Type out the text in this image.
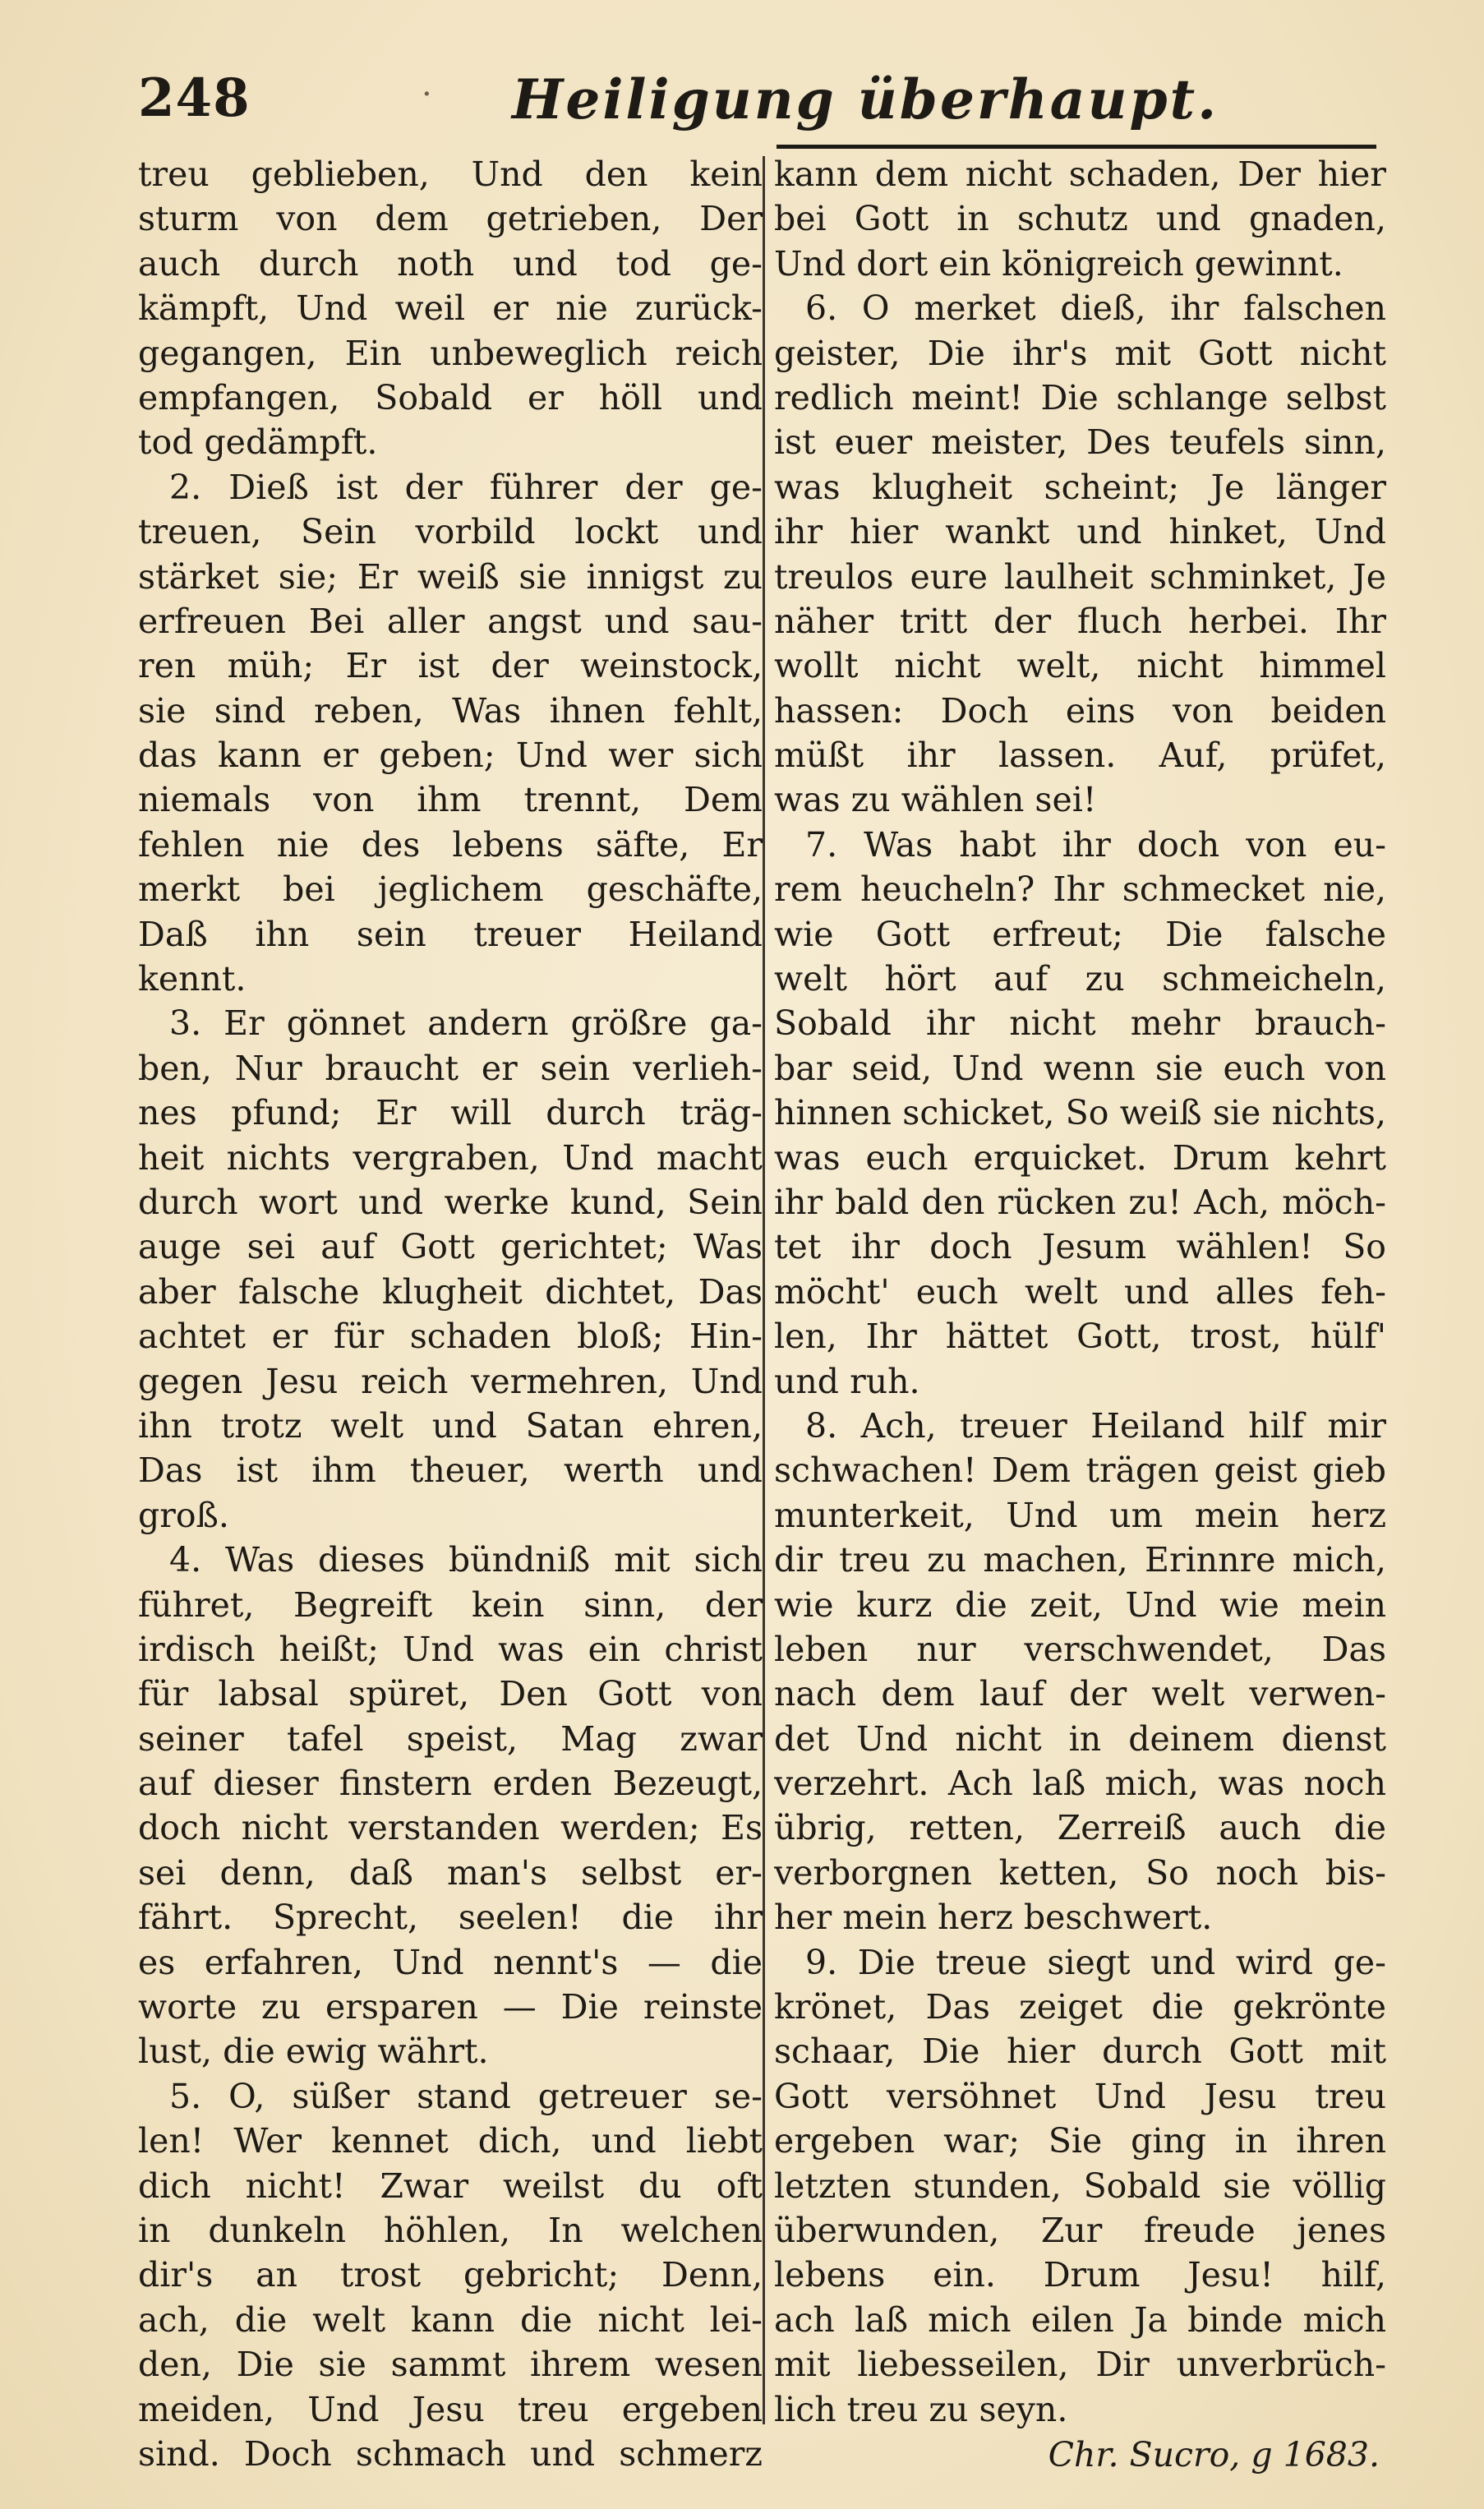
248	· Heiligung überhaupt.
treu geblieben, Und den kein
sturm von dem getrieben, Der
auch durch noth und tod ge-
kämpft, Und weil er nie zurück-
gegangen, Ein unbeweglich reich
empfangen, Sobald er höll und
tod gedämpft.
2. Dieß ist der führer der ge-
treuen, Sein vorbild lockt und
stärket sie; Er weiß sie innigst zu
erfreuen Bei aller angst und sau-
ren müh; Er ist der weinstock,
sie sind reben, Was ihnen fehlt,
das kann er geben; Und wer sich
niemals von ihm trennt, Dem
fehlen nie des lebens säfte, Er
merkt bei jeglichem geschäfte,
Daß ihn sein treuer Heiland
kennt.
3. Er gönnet andern größre ga-
ben, Nur braucht er sein verlieh-
nes pfund; Er will durch träg-
heit nichts vergraben, Und macht
durch wort und werke kund, Sein
auge sei auf Gott gerichtet; Was
aber falsche klugheit dichtet, Das
achtet er für schaden bloß; Hin-
gegen Jesu reich vermehren, Und
ihn trotz welt und Satan ehren,
Das ist ihm theuer, werth und
groß.
4. Was dieses bündniß mit sich
führet, Begreift kein sinn, der
irdisch heißt; Und was ein christ
für labsal spüret, Den Gott von
seiner tafel speist, Mag zwar
auf dieser finstern erden Bezeugt,
doch nicht verstanden werden; Es
sei denn, daß man's selbst er-
fährt. Sprecht, seelen! die ihr
es erfahren, Und nennt's — die
worte zu ersparen — Die reinste
lust, die ewig währt.
5. O, süßer stand getreuer se-
len! Wer kennet dich, und liebt
dich nicht! Zwar weilst du oft
in dunkeln höhlen, In welchen
dir's an trost gebricht; Denn,
ach, die welt kann die nicht lei-
den, Die sie sammt ihrem wesen
meiden, Und Jesu treu ergeben
sind. Doch schmach und schmerz
kann dem nicht schaden, Der hier
bei Gott in schutz und gnaden,
Und dort ein königreich gewinnt.
6. O merket dieß, ihr falschen
geister, Die ihr's mit Gott nicht
redlich meint! Die schlange selbst
ist euer meister, Des teufels sinn,
was klugheit scheint; Je länger
ihr hier wankt und hinket, Und
treulos eure laulheit schminket, Je
näher tritt der fluch herbei. Ihr
wollt nicht welt, nicht himmel
hassen: Doch eins von beiden
müßt ihr lassen. Auf, prüfet,
was zu wählen sei!
7. Was habt ihr doch von eu-
rem heucheln? Ihr schmecket nie,
wie Gott erfreut; Die falsche
welt hört auf zu schmeicheln,
Sobald ihr nicht mehr brauch-
bar seid, Und wenn sie euch von
hinnen schicket, So weiß sie nichts,
was euch erquicket. Drum kehrt
ihr bald den rücken zu! Ach, möch-
tet ihr doch Jesum wählen! So
möcht' euch welt und alles feh-
len, Ihr hättet Gott, trost, hülf'
und ruh.
8. Ach, treuer Heiland hilf mir
schwachen! Dem trägen geist gieb
munterkeit, Und um mein herz
dir treu zu machen, Erinnre mich,
wie kurz die zeit, Und wie mein
leben nur verschwendet, Das
nach dem lauf der welt verwen-
det Und nicht in deinem dienst
verzehrt. Ach laß mich, was noch
übrig, retten, Zerreiß auch die
verborgnen ketten, So noch bis-
her mein herz beschwert.
9. Die treue siegt und wird ge-
krönet, Das zeiget die gekrönte
schaar, Die hier durch Gott mit
Gott versöhnet Und Jesu treu
ergeben war; Sie ging in ihren
letzten stunden, Sobald sie völlig
überwunden, Zur freude jenes
lebens ein. Drum Jesu! hilf,
ach laß mich eilen Ja binde mich
mit liebesseilen, Dir unverbrüch-
lich treu zu seyn.
Chr. Sucro, g 1683.
